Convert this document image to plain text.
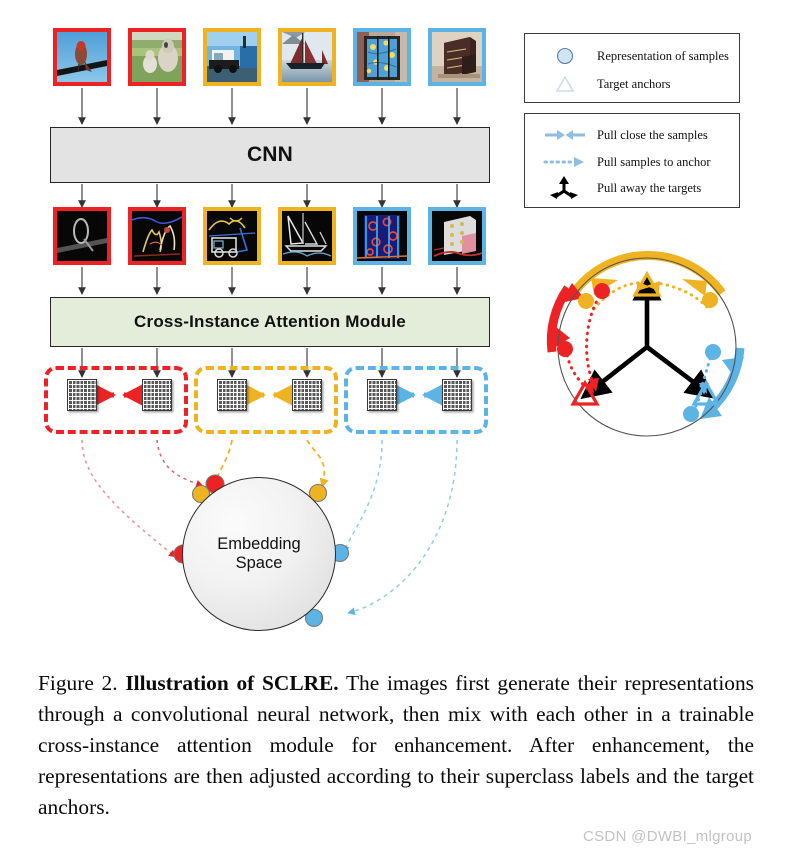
CNN
Cross-Instance Attention Module
Embedding
Space
Representation of samples
Target anchors
Pull close the samples
Pull samples to anchor
Pull away the targets
Figure 2. Illustration of SCLRE. The images first generate their representations through a convolutional neural network, then mix with each other in a trainable cross-instance attention module for enhancement. After enhancement, the representations are then adjusted according to their superclass labels and the target anchors.
CSDN @DWBI_mlgroup
